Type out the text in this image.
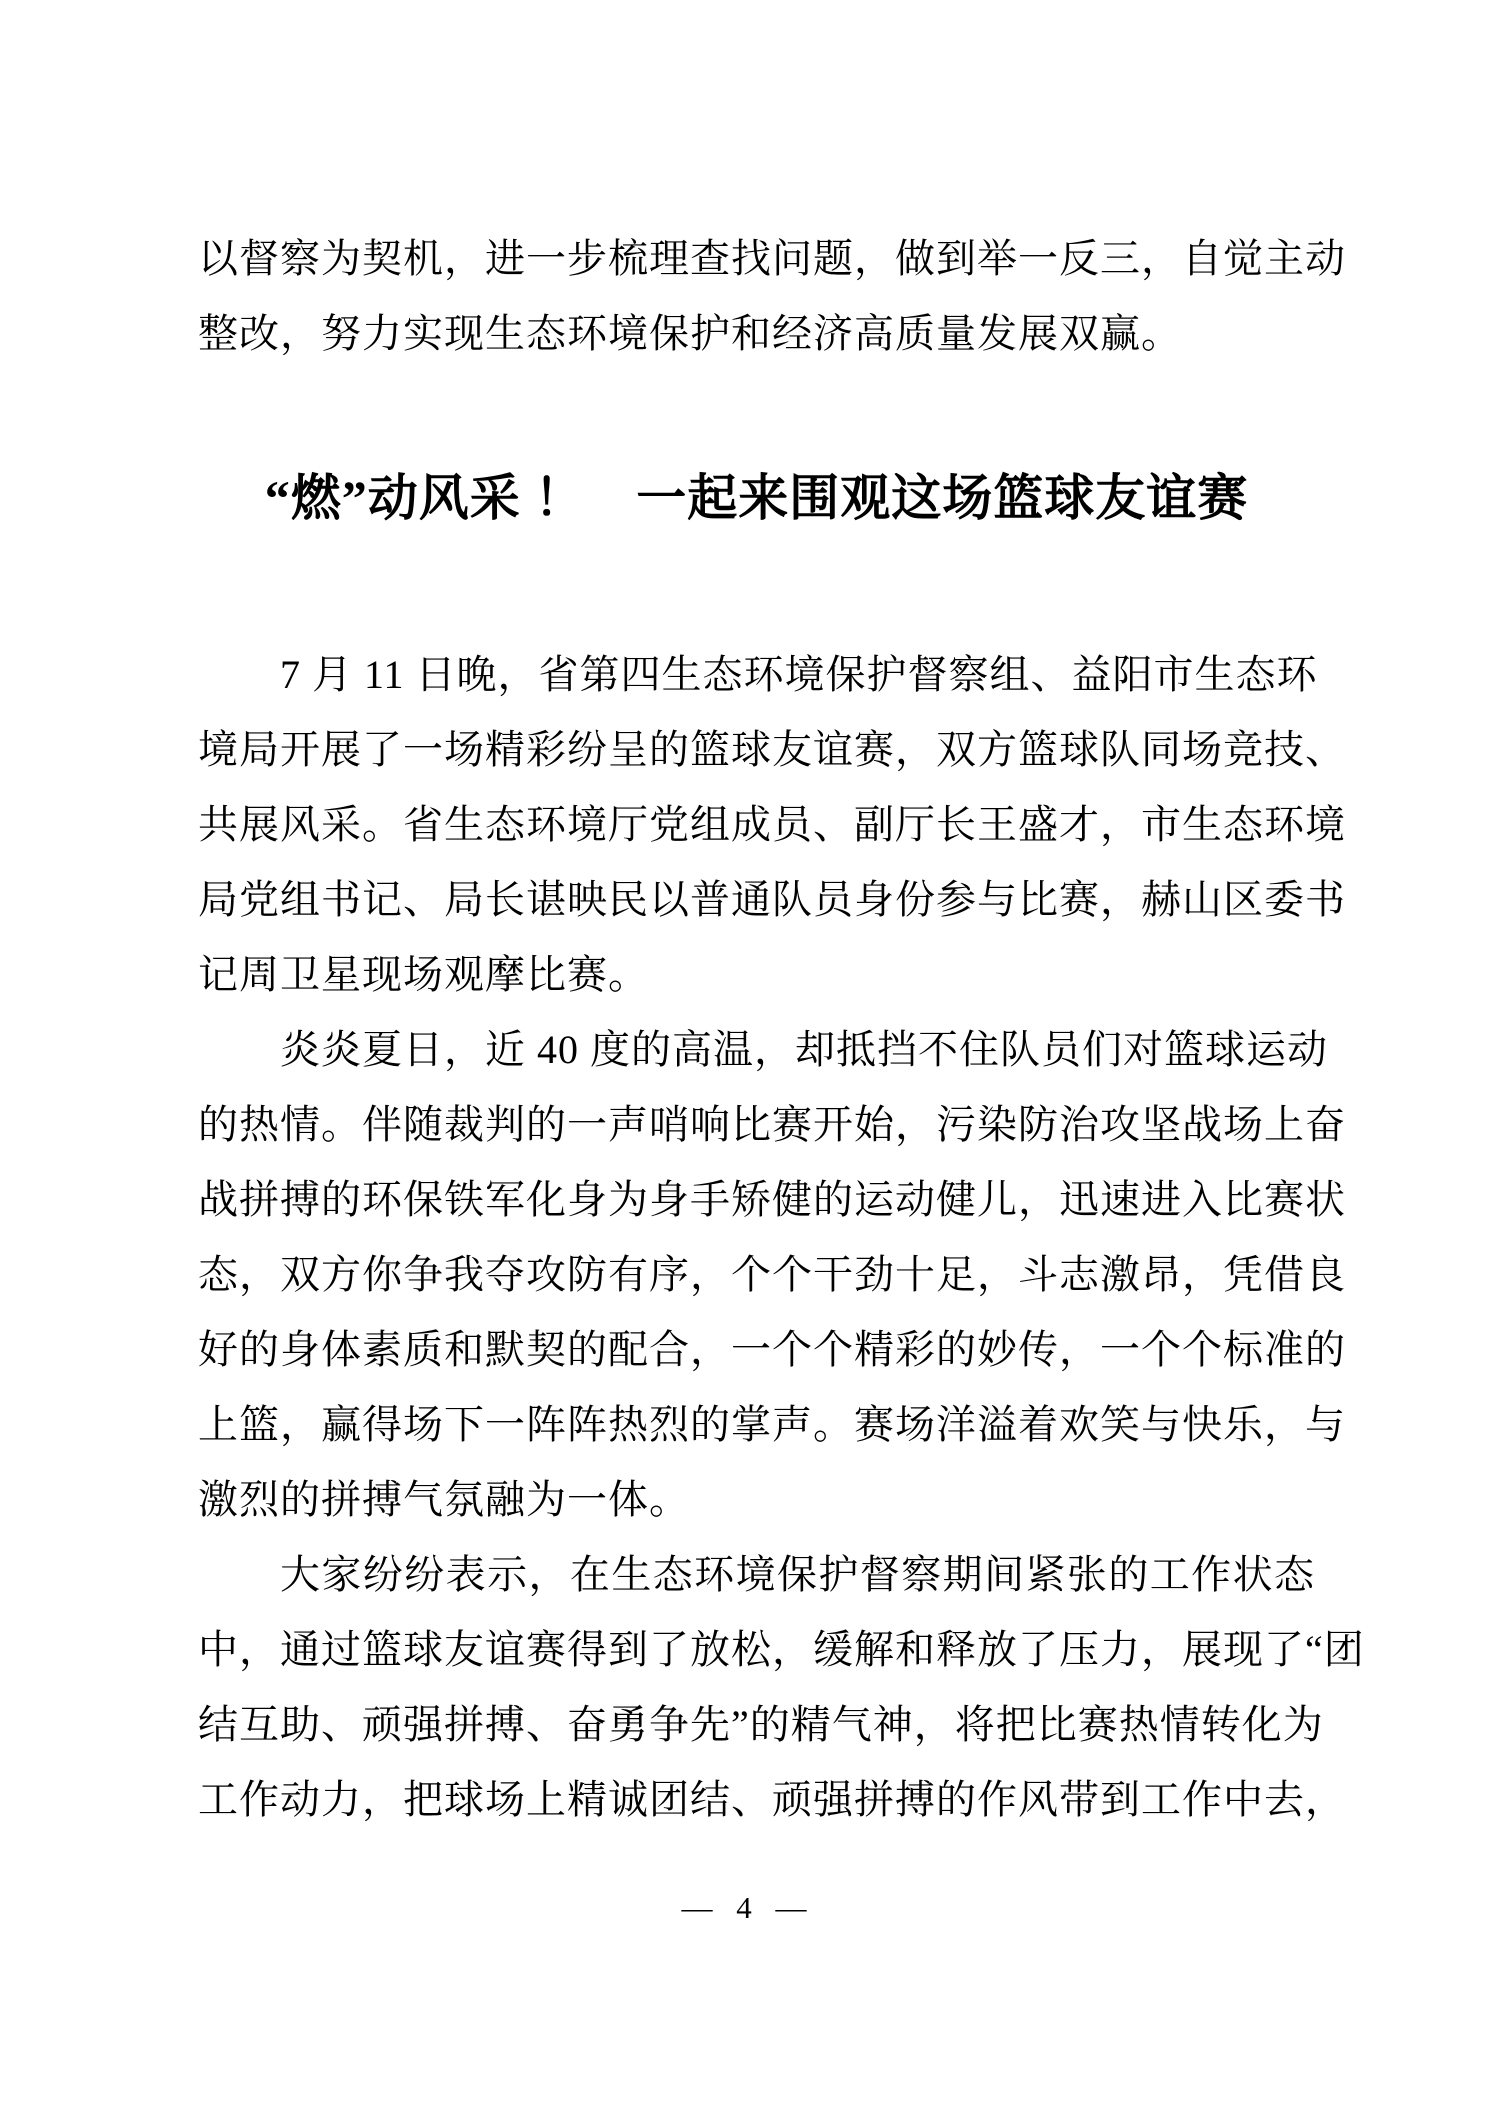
以督察为契机，进一步梳理查找问题，做到举一反三，自觉主动
整改，努力实现生态环境保护和经济高质量发展双赢。
“燃”动风采 ！　一起来围观这场篮球友谊赛
7 月 11 日晚，省第四生态环境保护督察组、益阳市生态环
境局开展了一场精彩纷呈的篮球友谊赛，双方篮球队同场竞技、
共展风采。省生态环境厅党组成员、副厅长王盛才，市生态环境
局党组书记、局长谌映民以普通队员身份参与比赛，赫山区委书
记周卫星现场观摩比赛。
炎炎夏日，近 40 度的高温，却抵挡不住队员们对篮球运动
的热情。伴随裁判的一声哨响比赛开始，污染防治攻坚战场上奋
战拼搏的环保铁军化身为身手矫健的运动健儿，迅速进入比赛状
态，双方你争我夺攻防有序，个个干劲十足，斗志激昂，凭借良
好的身体素质和默契的配合，一个个精彩的妙传，一个个标准的
上篮，赢得场下一阵阵热烈的掌声。赛场洋溢着欢笑与快乐，与
激烈的拼搏气氛融为一体。
大家纷纷表示，在生态环境保护督察期间紧张的工作状态
中，通过篮球友谊赛得到了放松，缓解和释放了压力，展现了“团
结互助、顽强拼搏、奋勇争先”的精气神，将把比赛热情转化为
工作动力，把球场上精诚团结、顽强拼搏的作风带到工作中去，
— 4 —
